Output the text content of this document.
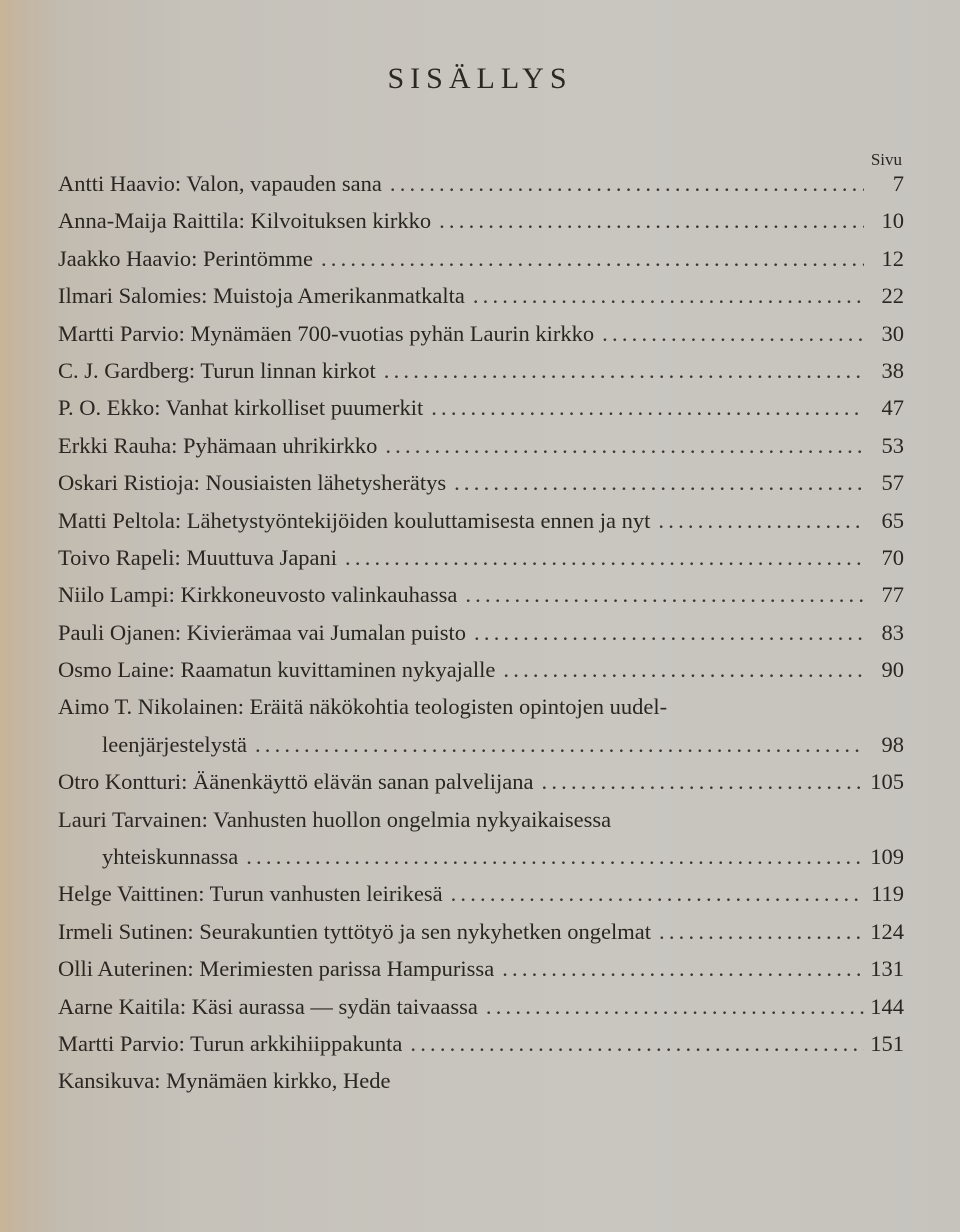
SISÄLLYS
Sivu
Antti Haavio: Valon, vapauden sana .....	7
Anna-Maija Raittila: Kilvoituksen kirkko .....	10
Jaakko Haavio: Perintömme .....	12
Ilmari Salomies: Muistoja Amerikanmatkalta .....	22
Martti Parvio: Mynämäen 700-vuotias pyhän Laurin kirkko .....	30
C. J. Gardberg: Turun linnan kirkot .....	38
P. O. Ekko: Vanhat kirkolliset puumerkit .....	47
Erkki Rauha: Pyhämaan uhrikirkko .....	53
Oskari Ristioja: Nousiaisten lähetysherätys .....	57
Matti Peltola: Lähetystyöntekijöiden kouluttamisesta ennen ja nyt .....	65
Toivo Rapeli: Muuttuva Japani .....	70
Niilo Lampi: Kirkkoneuvosto valinkauhassa .....	77
Pauli Ojanen: Kivierämaa vai Jumalan puisto .....	83
Osmo Laine: Raamatun kuvittaminen nykyajalle .....	90
Aimo T. Nikolainen: Eräitä näkökohtia teologisten opintojen uudel-
leenjärjestelystä .....	98
Otro Kontturi: Äänenkäyttö elävän sanan palvelijana .....	105
Lauri Tarvainen: Vanhusten huollon ongelmia nykyaikaisessa
yhteiskunnassa .....	109
Helge Vaittinen: Turun vanhusten leirikesä .....	119
Irmeli Sutinen: Seurakuntien tyttötyö ja sen nykyhetken ongelmat .....	124
Olli Auterinen: Merimiesten parissa Hampurissa .....	131
Aarne Kaitila: Käsi aurassa — sydän taivaassa .....	144
Martti Parvio: Turun arkkihiippakunta .....	151
Kansikuva: Mynämäen kirkko, Hede
